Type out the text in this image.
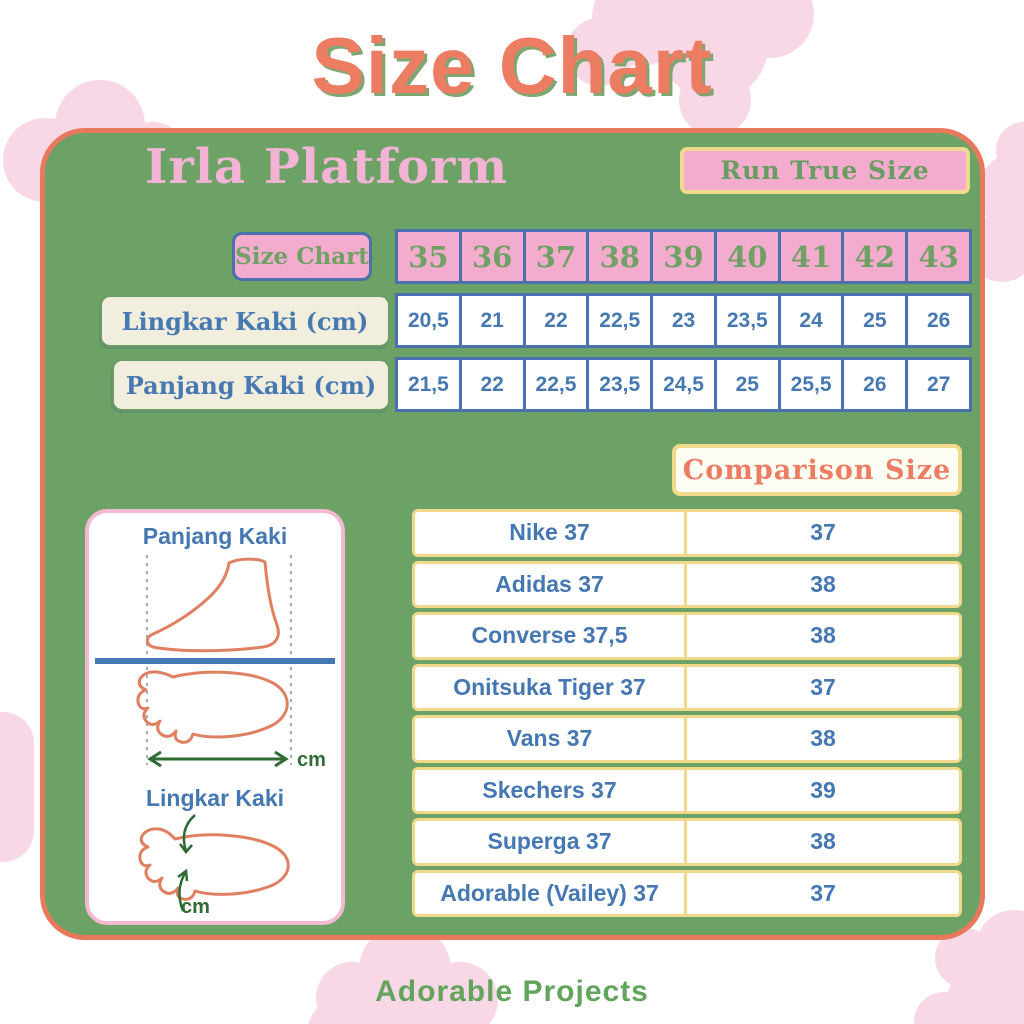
Size Chart
Irla Platform	Run True Size
Size Chart	35 36 37 38 39 40 41 42 43
Lingkar Kaki (cm)	20,5	21	22	22,5	23	23,5	24	25	26
Panjang Kaki (cm)	21,5	22	22,5	23,5	24,5	25	25,5	26	27
Comparison Size
Nike 37	37
Adidas 37	38
Converse 37,5	38
Onitsuka Tiger 37	37
Vans 37	38
Skechers 37	39
Superga 37	38
Adorable (Vailey) 37	37
Panjang Kaki
cm
Lingkar Kaki
cm
Adorable Projects
